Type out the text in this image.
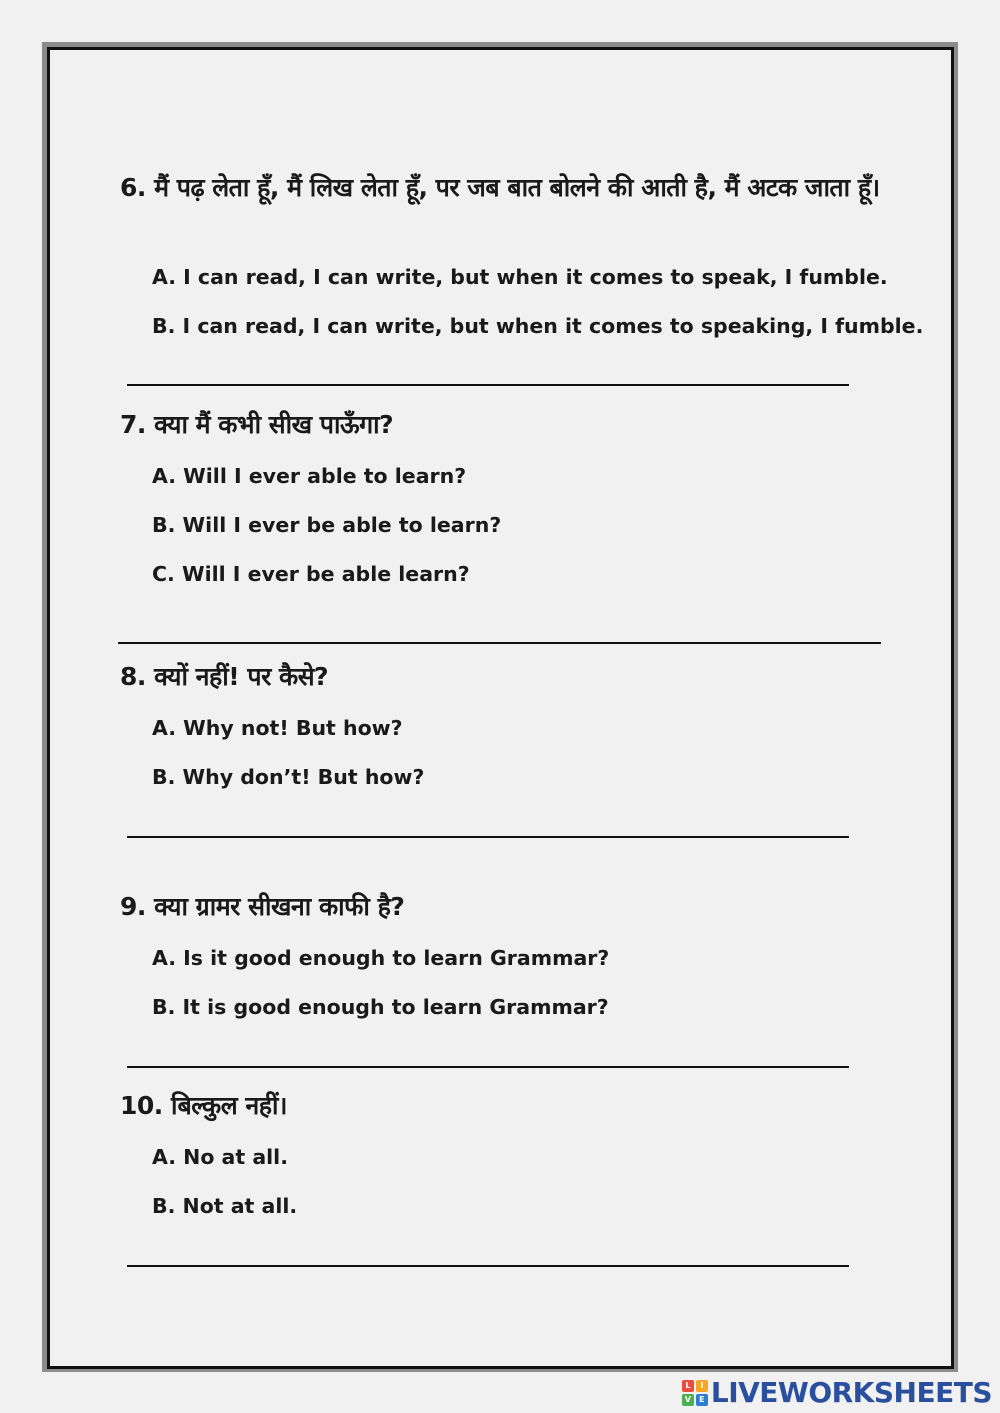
6. मैं पढ़ लेता हूँ, मैं लिख लेता हूँ, पर जब बात बोलने की आती है, मैं अटक जाता हूँ।
A. I can read, I can write, but when it comes to speak, I fumble.
B. I can read, I can write, but when it comes to speaking, I fumble.
7. क्या मैं कभी सीख पाऊँगा?
A. Will I ever able to learn?
B. Will I ever be able to learn?
C. Will I ever be able learn?
8. क्यों नहीं! पर कैसे?
A. Why not! But how?
B. Why don’t! But how?
9. क्या ग्रामर सीखना काफी है?
A. Is it good enough to learn Grammar?
B. It is good enough to learn Grammar?
10. बिल्कुल नहीं।
A. No at all.
B. Not at all.
L	I
V	E LIVEWORKSHEETS
